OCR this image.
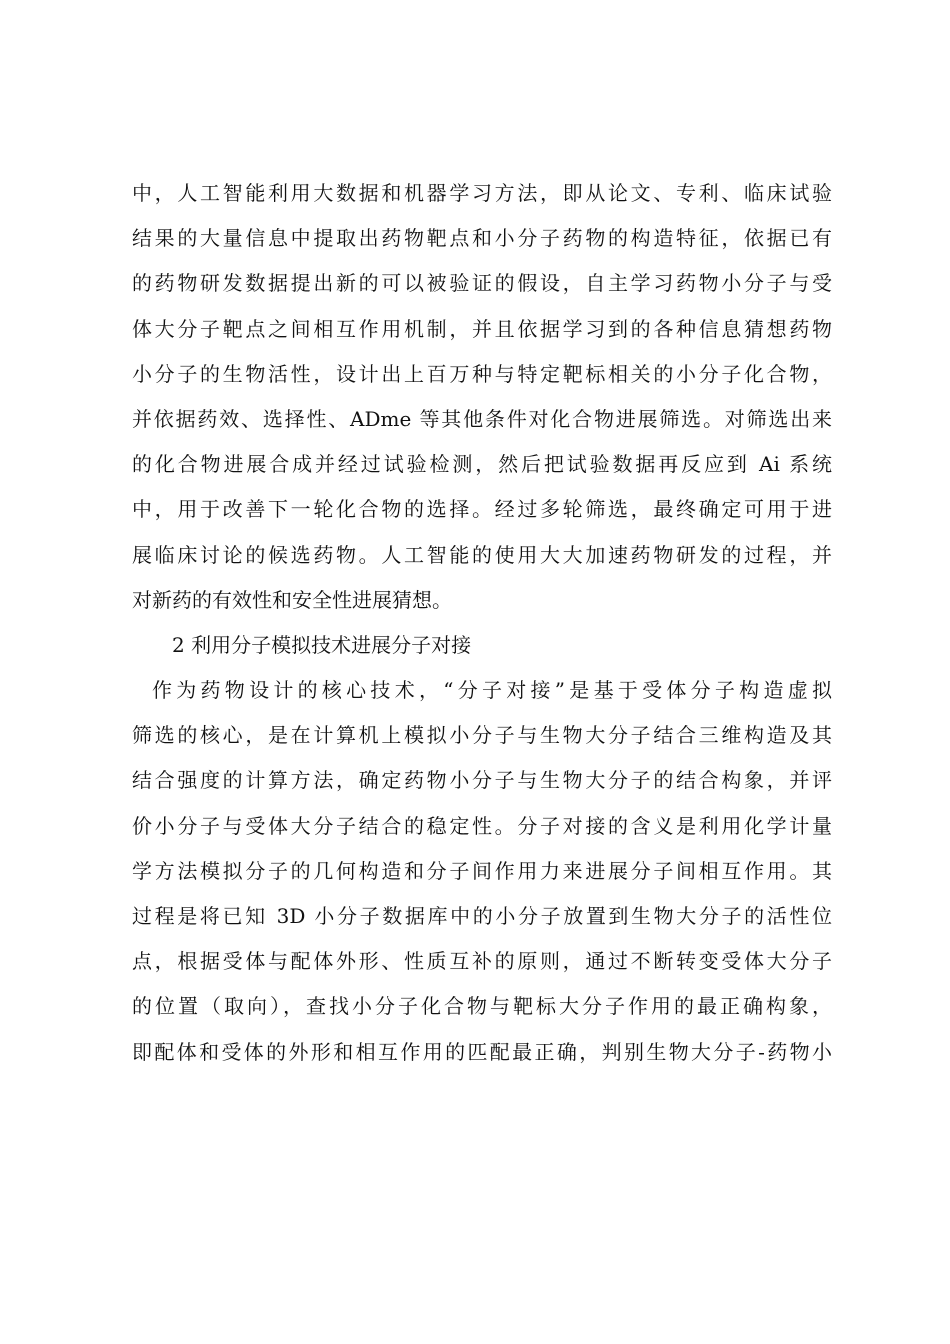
中，人工智能利用大数据和机器学习方法，即从论文、专利、临床试验
结果的大量信息中提取出药物靶点和小分子药物的构造特征，依据已有
的药物研发数据提出新的可以被验证的假设，自主学习药物小分子与受
体大分子靶点之间相互作用机制，并且依据学习到的各种信息猜想药物
小分子的生物活性，设计出上百万种与特定靶标相关的小分子化合物，
并依据药效、选择性、ADme 等其他条件对化合物进展筛选。对筛选出来
的化合物进展合成并经过试验检测，然后把试验数据再反应到 Ai 系统
中，用于改善下一轮化合物的选择。经过多轮筛选，最终确定可用于进
展临床讨论的候选药物。人工智能的使用大大加速药物研发的过程，并
对新药的有效性和安全性进展猜想。
2 利用分子模拟技术进展分子对接
作为药物设计的核心技术，“分子对接”是基于受体分子构造虚拟
筛选的核心，是在计算机上模拟小分子与生物大分子结合三维构造及其
结合强度的计算方法，确定药物小分子与生物大分子的结合构象，并评
价小分子与受体大分子结合的稳定性。分子对接的含义是利用化学计量
学方法模拟分子的几何构造和分子间作用力来进展分子间相互作用。其
过程是将已知 3D 小分子数据库中的小分子放置到生物大分子的活性位
点，根据受体与配体外形、性质互补的原则，通过不断转变受体大分子
的位置（取向），查找小分子化合物与靶标大分子作用的最正确构象，
即配体和受体的外形和相互作用的匹配最正确，判别生物大分子-药物小
